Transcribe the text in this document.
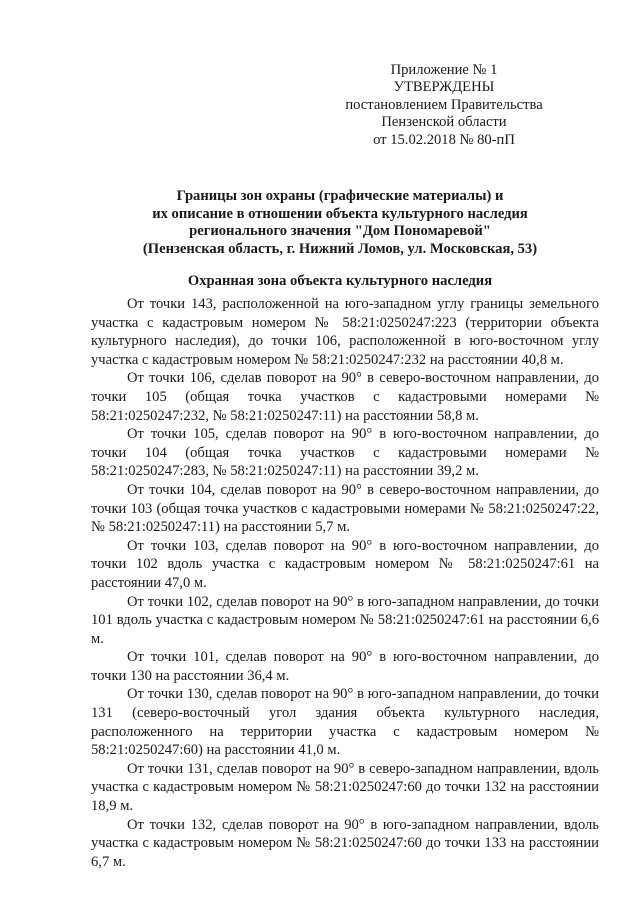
Приложение № 1
УТВЕРЖДЕНЫ
постановлением Правительства
Пензенской области
от 15.02.2018 № 80-пП
Границы зон охраны (графические материалы) и
их описание в отношении объекта культурного наследия
регионального значения "Дом Пономаревой"
(Пензенская область, г. Нижний Ломов, ул. Московская, 53)
Охранная зона объекта культурного наследия

От точки 143, расположенной на юго-западном углу границы земельного участка с кадастровым номером № 58:21:0250247:223 (территории объекта культурного наследия), до точки 106, расположенной в юго-восточном углу участка с кадастровым номером № 58:21:0250247:232 на расстоянии 40,8 м.

От точки 106, сделав поворот на 90° в северо-восточном направлении, до точки 105 (общая точка участков с кадастровыми номерами № 58:21:0250247:232, № 58:21:0250247:11) на расстоянии 58,8 м.

От точки 105, сделав поворот на 90° в юго-восточном направлении, до точки 104 (общая точка участков с кадастровыми номерами № 58:21:0250247:283, № 58:21:0250247:11) на расстоянии 39,2 м.

От точки 104, сделав поворот на 90° в северо-восточном направлении, до точки 103 (общая точка участков с кадастровыми номерами № 58:21:0250247:22, № 58:21:0250247:11) на расстоянии 5,7 м.

От точки 103, сделав поворот на 90° в юго-восточном направлении, до точки 102 вдоль участка с кадастровым номером № 58:21:0250247:61 на расстоянии 47,0 м.

От точки 102, сделав поворот на 90° в юго-западном направлении, до точки 101 вдоль участка с кадастровым номером № 58:21:0250247:61 на расстоянии 6,6 м.

От точки 101, сделав поворот на 90° в юго-восточном направлении, до точки 130 на расстоянии 36,4 м.

От точки 130, сделав поворот на 90° в юго-западном направлении, до точки 131 (северо-восточный угол здания объекта культурного наследия, расположенного на территории участка с кадастровым номером № 58:21:0250247:60) на расстоянии 41,0 м.

От точки 131, сделав поворот на 90° в северо-западном направлении, вдоль участка с кадастровым номером № 58:21:0250247:60 до точки 132 на расстоянии 18,9 м.

От точки 132, сделав поворот на 90° в юго-западном направлении, вдоль участка с кадастровым номером № 58:21:0250247:60 до точки 133 на расстоянии 6,7 м.
